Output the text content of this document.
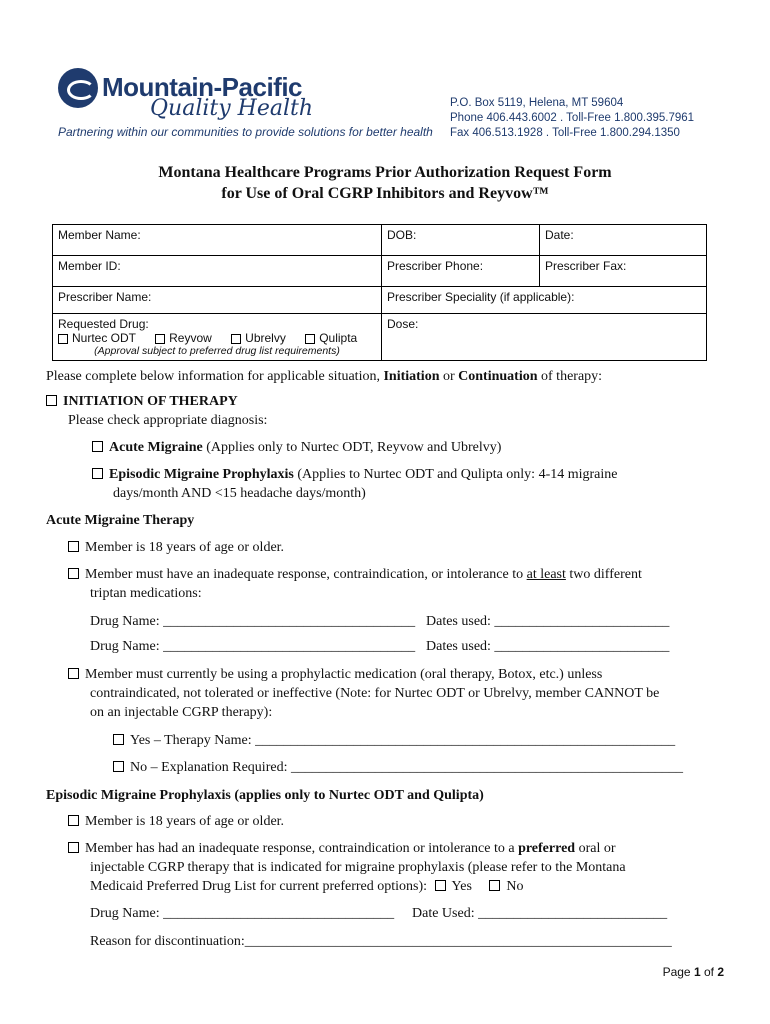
Mountain-Pacific
Quality Health
Partnering within our communities to provide solutions for better health
P.O. Box 5119, Helena, MT 59604
Phone 406.443.6002 . Toll-Free 1.800.395.7961
Fax 406.513.1928 . Toll-Free 1.800.294.1350
Montana Healthcare Programs Prior Authorization Request Form
for Use of Oral CGRP Inhibitors and Reyvow™
Member Name:	DOB:	Date:
Member ID:	Prescriber Phone:	Prescriber Fax:
Prescriber Name:	Prescriber Speciality (if applicable):	

Requested Drug:
Nurtec ODT Reyvow Ubrelvy Qulipta
(Approval subject to preferred drug list requirements)	Dose:	
Please complete below information for applicable situation, Initiation or Continuation of therapy:
INITIATION OF THERAPY
Please check appropriate diagnosis:
Acute Migraine (Applies only to Nurtec ODT, Reyvow and Ubrelvy)
Episodic Migraine Prophylaxis (Applies to Nurtec ODT and Qulipta only: 4-14 migraine
days/month AND <15 headache days/month)
Acute Migraine Therapy
Member is 18 years of age or older.
Member must have an inadequate response, contraindication, or intolerance to at least two different
triptan medications:
Drug Name: ____________________________________ Dates used: _________________________
Drug Name: ____________________________________ Dates used: _________________________
Member must currently be using a prophylactic medication (oral therapy, Botox, etc.) unless
contraindicated, not tolerated or ineffective (Note: for Nurtec ODT or Ubrelvy, member CANNOT be
on an injectable CGRP therapy):
Yes – Therapy Name: ____________________________________________________________
No – Explanation Required: ________________________________________________________
Episodic Migraine Prophylaxis (applies only to Nurtec ODT and Qulipta)
Member is 18 years of age or older.
Member has had an inadequate response, contraindication or intolerance to a preferred oral or
injectable CGRP therapy that is indicated for migraine prophylaxis (please refer to the Montana
Medicaid Preferred Drug List for current preferred options): Yes No
Drug Name: _________________________________ Date Used: ___________________________
Reason for discontinuation:_____________________________________________________________
Page 1 of 2
